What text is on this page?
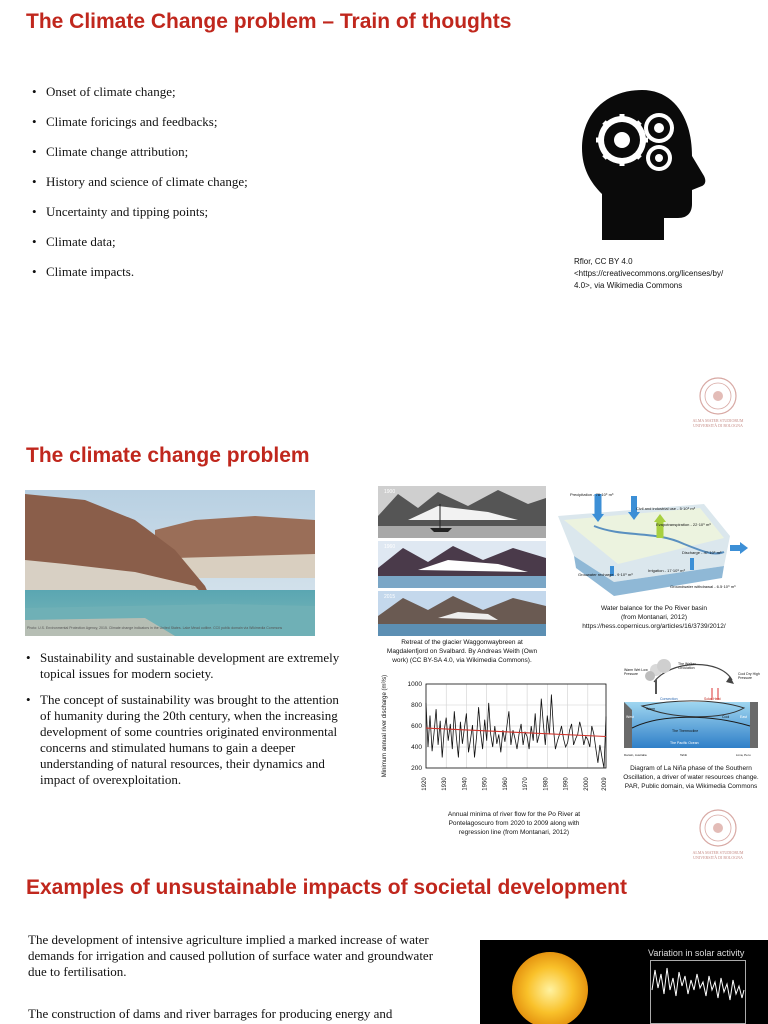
The Climate Change problem – Train of thoughts
• Onset of climate change;
• Climate foricings and feedbacks;
• Climate change attribution;
• History and science of climate change;
• Uncertainty and tipping points;
• Climate data;
• Climate impacts.
Rflor, CC BY 4.0
<https://creativecommons.org/licenses/by/
4.0>, via Wikimedia Commons
ALMA MATER STUDIORUM
UNIVERSITÀ DI BOLOGNA
The climate change problem
Photo: U.S. Environmental Protection Agency, 2015. Climate change indicators in the United States. Lake Mead outline. CC0 public domain via Wikimedia Commons
• Sustainability and sustainable development are extremely topical issues for modern society.
• The concept of sustainability was brought to the attention of humanity during the 20th century, when the increasing development of some countries originated environmental concerns and stimulated humans to gain a deeper understanding of natural resources, their dynamics and impact of overexploitation.
1900
1960
2015
Retreat of the glacier Waggonwaybreen at
Magdalenfjord on Svalbard. By Andreas Weith (Own
work) (CC BY-SA 4.0, via Wikimedia Commons).
Precipitation - 78·10⁹ m³
Civil and industrial use - 5·10⁹ m³
Evapotranspiration - 22·10⁹ m³
Discharge - 47·10⁹ m³
Grouwater recharge - 9·10⁹ m³
Irrigation - 17·10⁹ m³
Groundwater withdrawal - 6.5·10⁹ m³
Water balance for the Po River basin
(from Montanari, 2012)
https://hess.copernicus.org/articles/16/3739/2012/
The Walker Circulation
Warm Wet Low Pressure	Cool Dry High Pressure
Convection	Solar Heat
West	East
Warm
Cool
The Thermocline
The Pacific Ocean
Darwin, Australia	Tahiti	Lima, Peru
Diagram of La Niña phase of the Southern
Oscillation, a driver of water resources change.
PAR, Public domain, via Wikimedia Commons
Minimum annual river discharge (m³/s)	200
400
600
800
1000
1920 1930 1940 1950 1960 1970 1980 1990 2000 2009
Annual minima of river flow for the Po River at
Pontelagoscuro from 2020 to 2009 along with
regression line (from Montanari, 2012)
ALMA MATER STUDIORUM
UNIVERSITÀ DI BOLOGNA
Examples of unsustainable impacts of societal development

The development of intensive agriculture implied a marked increase of water demands for irrigation and caused pollution of surface water and groundwater due to fertilisation.

The construction of dams and river barrages for producing energy and

Variation in solar activity
